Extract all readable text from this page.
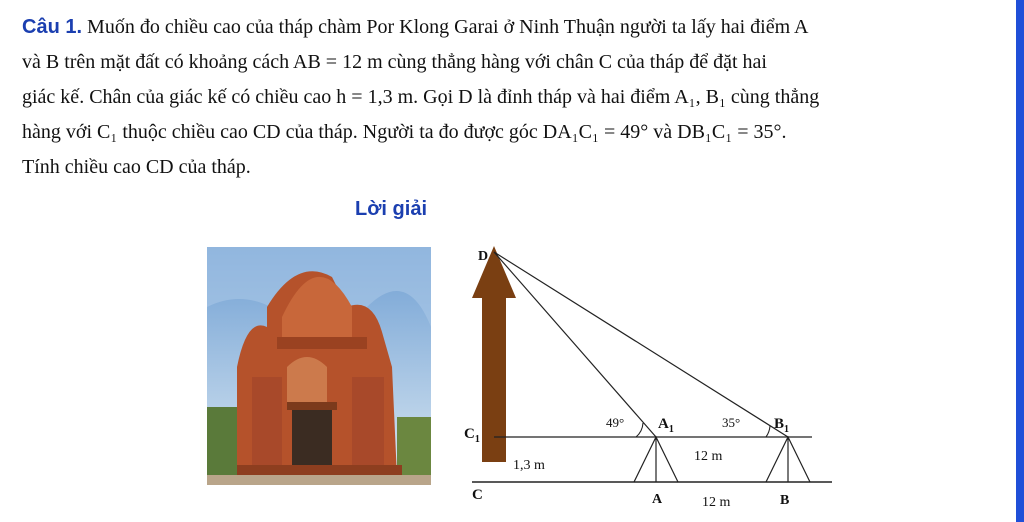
Câu 1. Muốn đo chiều cao của tháp chàm Por Klong Garai ở Ninh Thuận người ta lấy hai điểm A

và B trên mặt đất có khoảng cách AB = 12 m cùng thẳng hàng với chân C của tháp để đặt hai

giác kế. Chân của giác kế có chiều cao h = 1,3 m. Gọi D là đỉnh tháp và hai điểm A₁, B₁ cùng thẳng

hàng với C₁ thuộc chiều cao CD của tháp. Người ta đo được góc DA₁C₁ = 49° và DB₁C₁ = 35°.

Tính chiều cao CD của tháp.

Lời giải
D
$C_1$
C
$A_1$	$B_1$
A	B
49°	35°
1,3 m
12 m
12 m
